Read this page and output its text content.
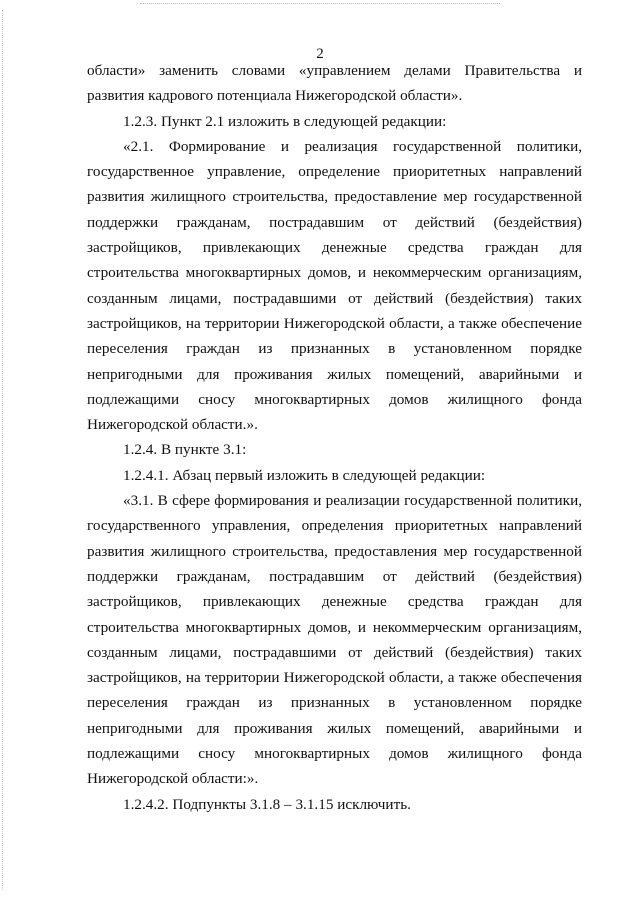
2

области» заменить словами «управлением делами Правительства и развития кадрового потенциала Нижегородской области».

1.2.3. Пункт 2.1 изложить в следующей редакции:

«2.1. Формирование и реализация государственной политики, государственное управление, определение приоритетных направлений развития жилищного строительства, предоставление мер государственной поддержки гражданам, пострадавшим от действий (бездействия) застройщиков, привлекающих денежные средства граждан для строительства многоквартирных домов, и некоммерческим организациям, созданным лицами, пострадавшими от действий (бездействия) таких застройщиков, на территории Нижегородской области, а также обеспечение переселения граждан из признанных в установленном порядке непригодными для проживания жилых помещений, аварийными и подлежащими сносу многоквартирных домов жилищного фонда Нижегородской области.».

1.2.4. В пункте 3.1:

1.2.4.1. Абзац первый изложить в следующей редакции:

«3.1. В сфере формирования и реализации государственной политики, государственного управления, определения приоритетных направлений развития жилищного строительства, предоставления мер государственной поддержки гражданам, пострадавшим от действий (бездействия) застройщиков, привлекающих денежные средства граждан для строительства многоквартирных домов, и некоммерческим организациям, созданным лицами, пострадавшими от действий (бездействия) таких застройщиков, на территории Нижегородской области, а также обеспечения переселения граждан из признанных в установленном порядке непригодными для проживания жилых помещений, аварийными и подлежащими сносу многоквартирных домов жилищного фонда Нижегородской области:».

1.2.4.2. Подпункты 3.1.8 – 3.1.15 исключить.
